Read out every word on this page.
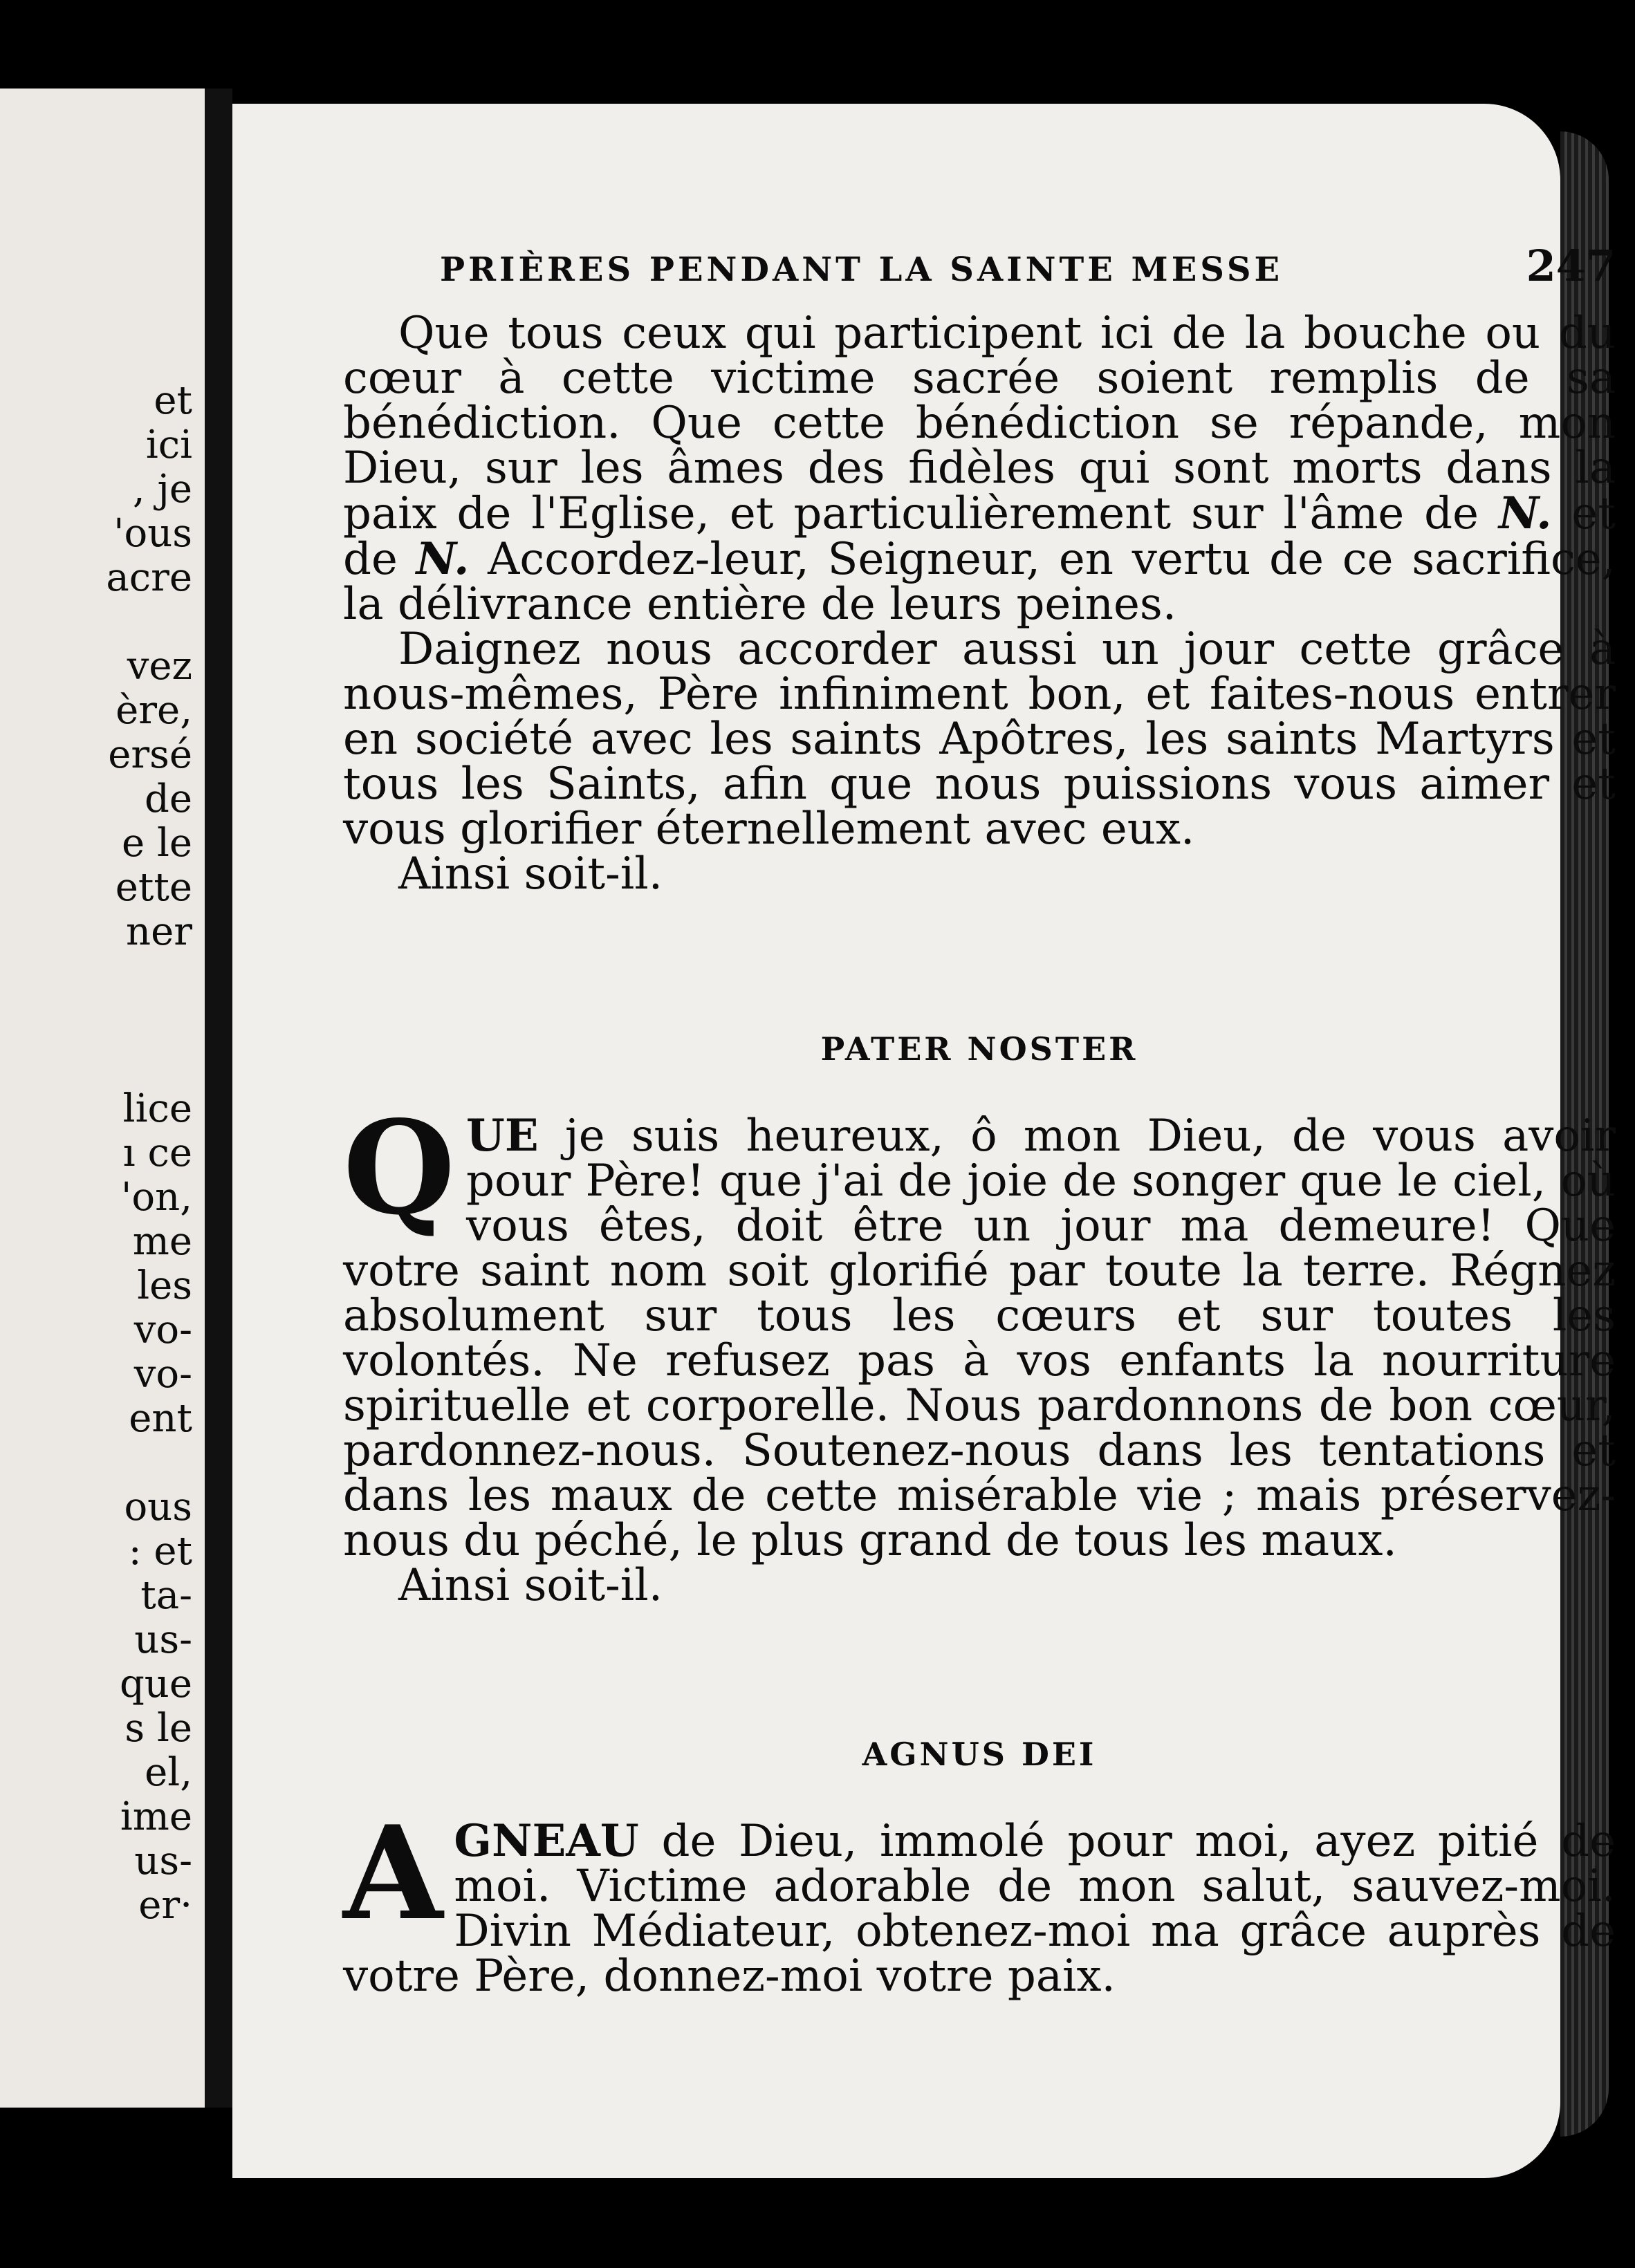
et
ici
, je
'ous
acre
vez
ère,
ersé
de
e le
ette
ner
lice
ı ce
'on,
me
les
vo-
vo-
ent
ous
: et
ta-
us-
que
s le
el,
ime
us-
er·
PRIÈRES PENDANT LA SAINTE MESSE	247

Que tous ceux qui participent ici de la bouche ou du cœur à cette victime sacrée soient remplis de sa bénédiction. Que cette bénédiction se répande, mon Dieu, sur les âmes des fidèles qui sont morts dans la paix de l'Eglise, et particulièrement sur l'âme de N. et de N. Accordez-leur, Seigneur, en vertu de ce sacrifice, la délivrance entière de leurs peines.

Daignez nous accorder aussi un jour cette grâce à nous-mêmes, Père infiniment bon, et faites-nous entrer en société avec les saints Apôtres, les saints Martyrs et tous les Saints, afin que nous puissions vous aimer et vous glorifier éternellement avec eux.

Ainsi soit-il.

PATER NOSTER
Q UE je suis heureux, ô mon Dieu, de vous avoir pour Père! que j'ai de joie de songer que le ciel, où vous êtes, doit être un jour ma demeure! Que votre saint nom soit glorifié par toute la terre. Régnez absolument sur tous les cœurs et sur toutes les volontés. Ne refusez pas à vos enfants la nourriture spirituelle et corporelle. Nous pardonnons de bon cœur, pardonnez-nous. Soutenez-nous dans les tentations et dans les maux de cette misérable vie ; mais préservez-nous du péché, le plus grand de tous les maux.

Ainsi soit-il.

AGNUS DEI
A GNEAU de Dieu, immolé pour moi, ayez pitié de moi. Victime adorable de mon salut, sauvez-moi. Divin Médiateur, obtenez-moi ma grâce auprès de votre Père, donnez-moi votre paix.
